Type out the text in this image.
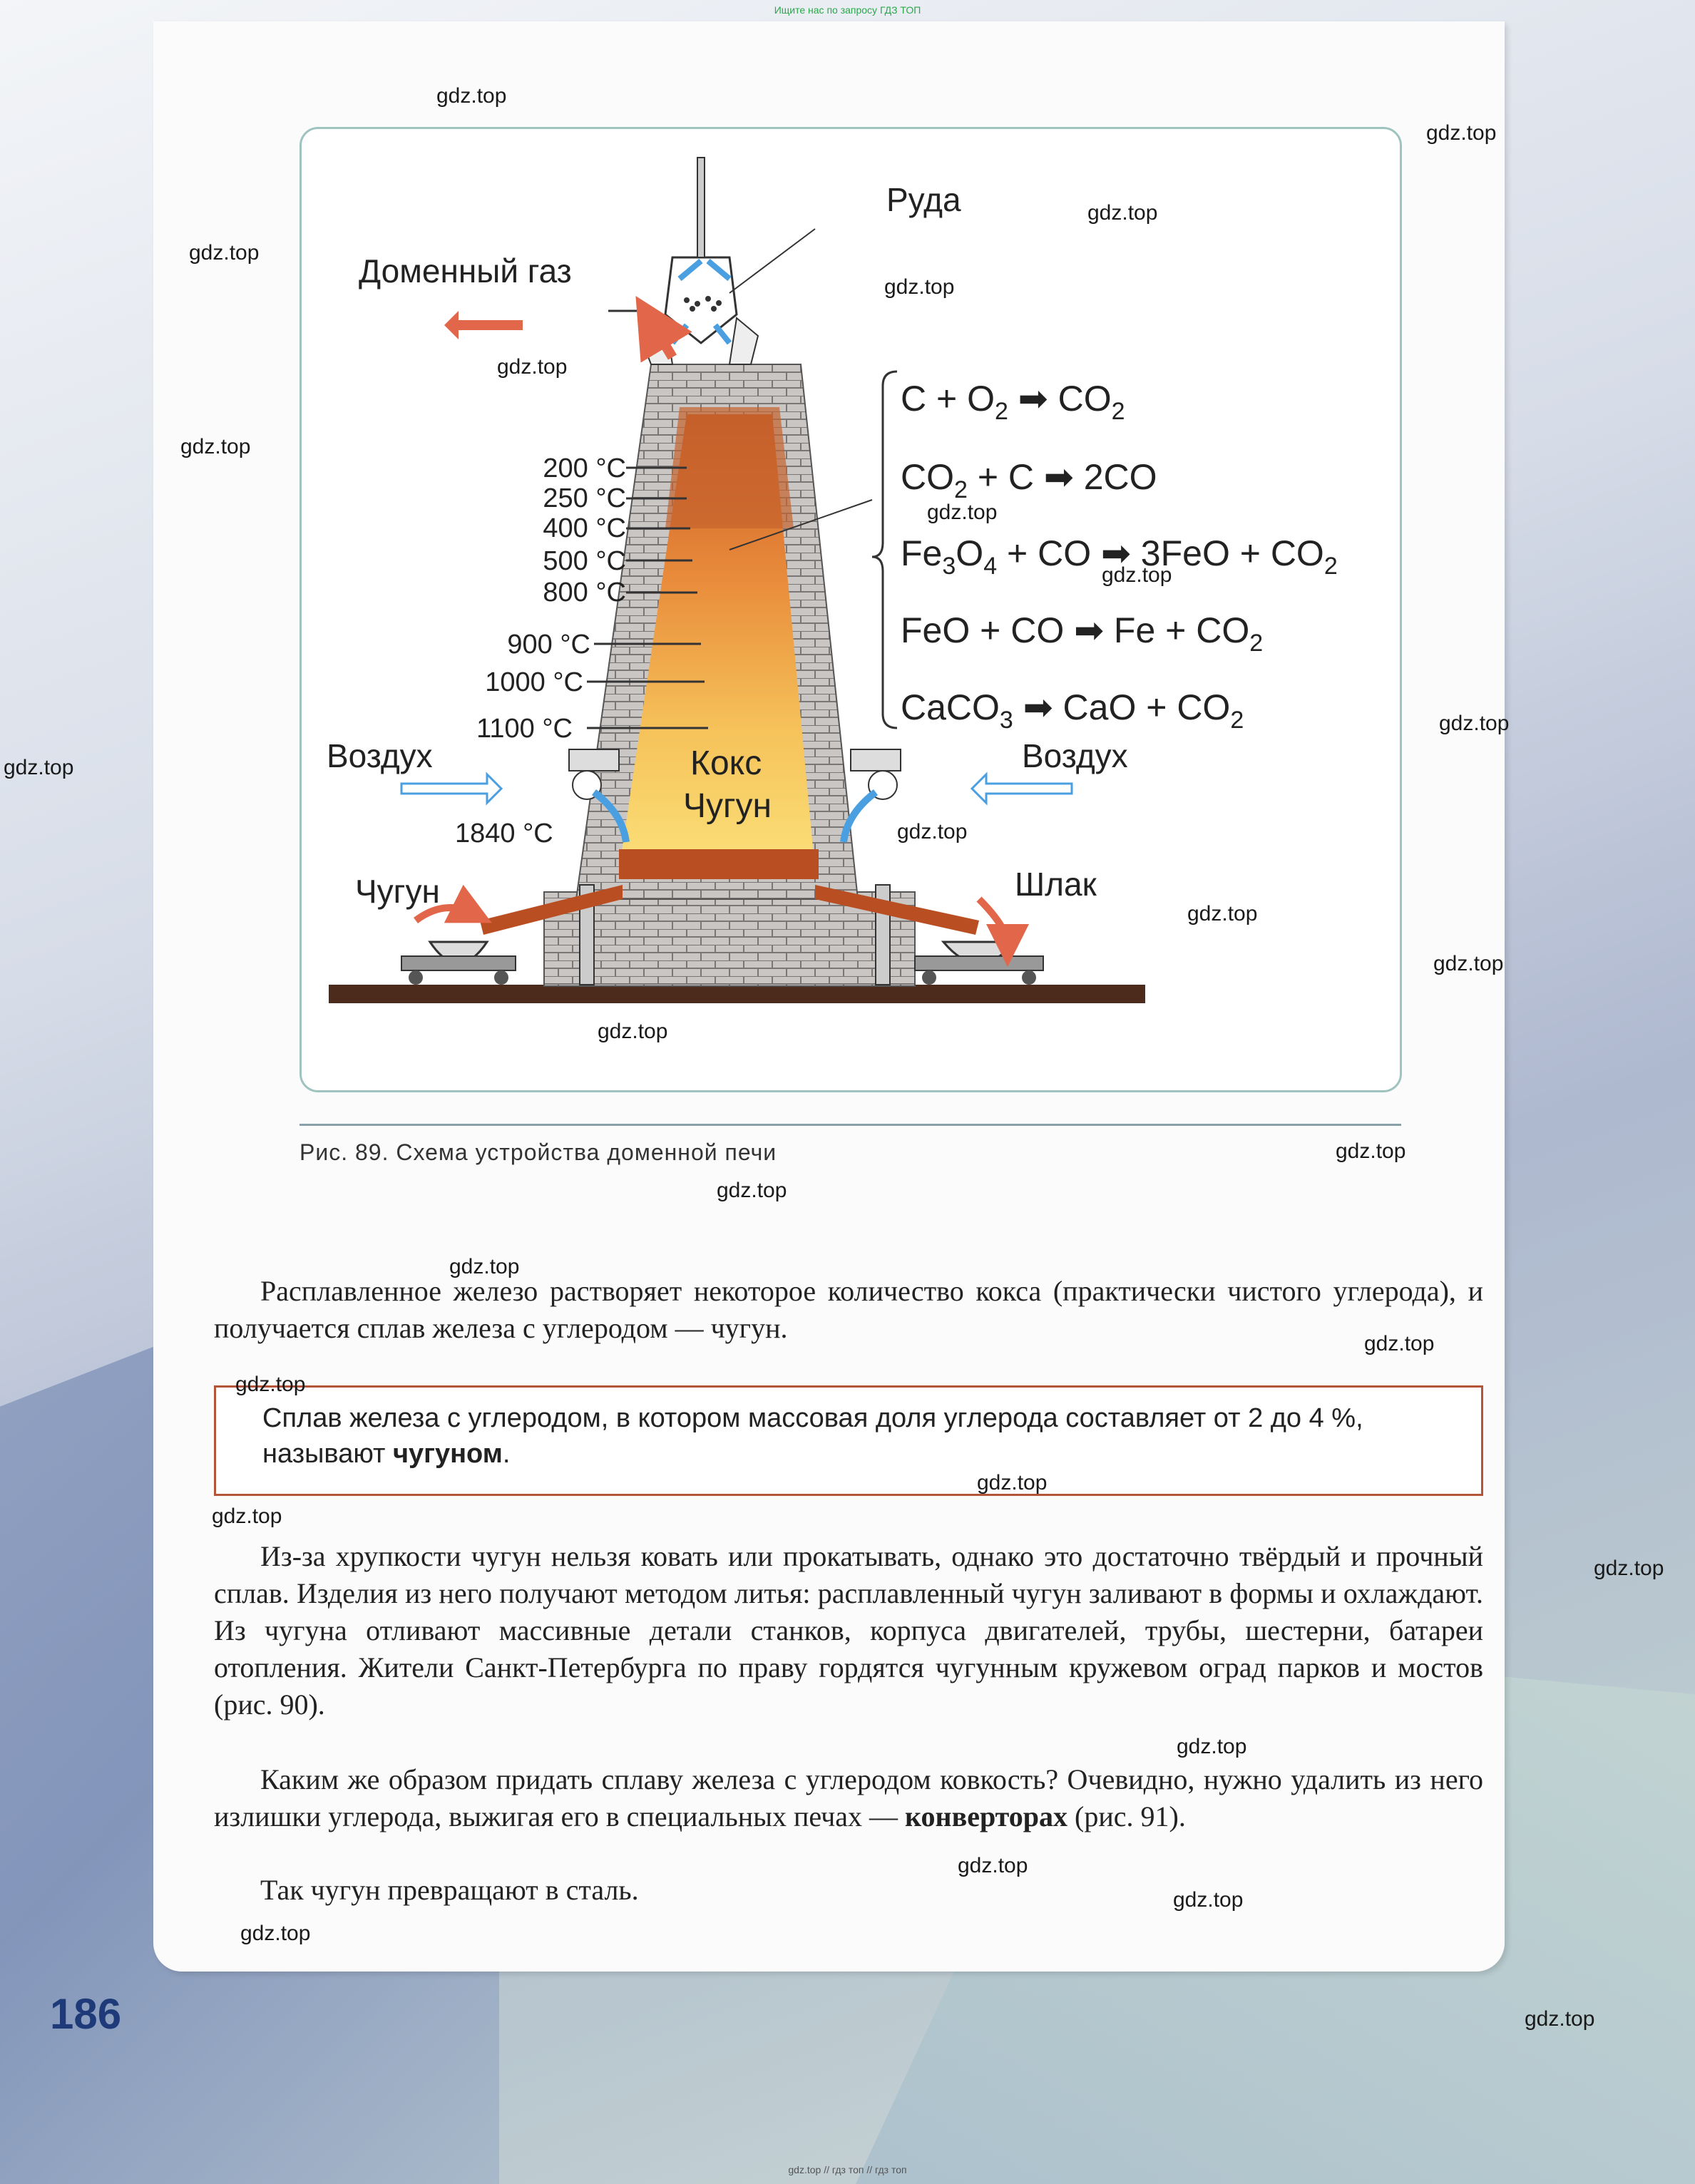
Ищите нас по запросу ГДЗ ТОП
Руда
Доменный газ
Воздух	Воздух
Кокс
Чугун
Чугун	Шлак
1840 °C
200 °C
250 °C
400 °C
500 °C
800 °C
900 °C
1000 °C
1100 °C
$C + O_2$ ➡ $CO_2$
$CO_2 + C$ ➡ 2CO
$Fe_3O_4$ + CO ➡ $3FeO + CO_2$
FeO + CO ➡ $Fe + CO_2$
CaCO$_3$ ➡ CaO + $CO_2$
Рис. 89. Схема устройства доменной печи

Расплавленное железо растворяет некоторое количество кокса (практически чистого углерода), и получается сплав железа с углеродом — чугун.

Сплав железа с углеродом, в котором массовая доля углерода составляет от 2 до 4 %, называют чугуном.

Из-за хрупкости чугун нельзя ковать или прокатывать, однако это достаточно твёрдый и прочный сплав. Изделия из него получают методом литья: расплавленный чугун заливают в формы и охлаждают. Из чугуна отливают массивные детали станков, корпуса двигателей, трубы, шестерни, батареи отопления. Жители Санкт-Петербурга по праву гордятся чугунным кружевом оград парков и мостов (рис. 90).

Каким же образом придать сплаву железа с углеродом ковкость? Очевидно, нужно удалить из него излишки углерода, выжигая его в специальных печах — конверторах (рис. 91).

Так чугун превращают в сталь.

186
gdz.top
gdz.top
gdz.top
gdz.top
gdz.top
gdz.top
gdz.top
gdz.top
gdz.top
gdz.top
gdz.top
gdz.top
gdz.top
gdz.top
gdz.top
gdz.top
gdz.top
gdz.top
gdz.top
gdz.top
gdz.top
gdz.top
gdz.top
gdz.top
gdz.top
gdz.top
gdz.top
gdz.top
gdz.top // гдз топ // гдз топ
